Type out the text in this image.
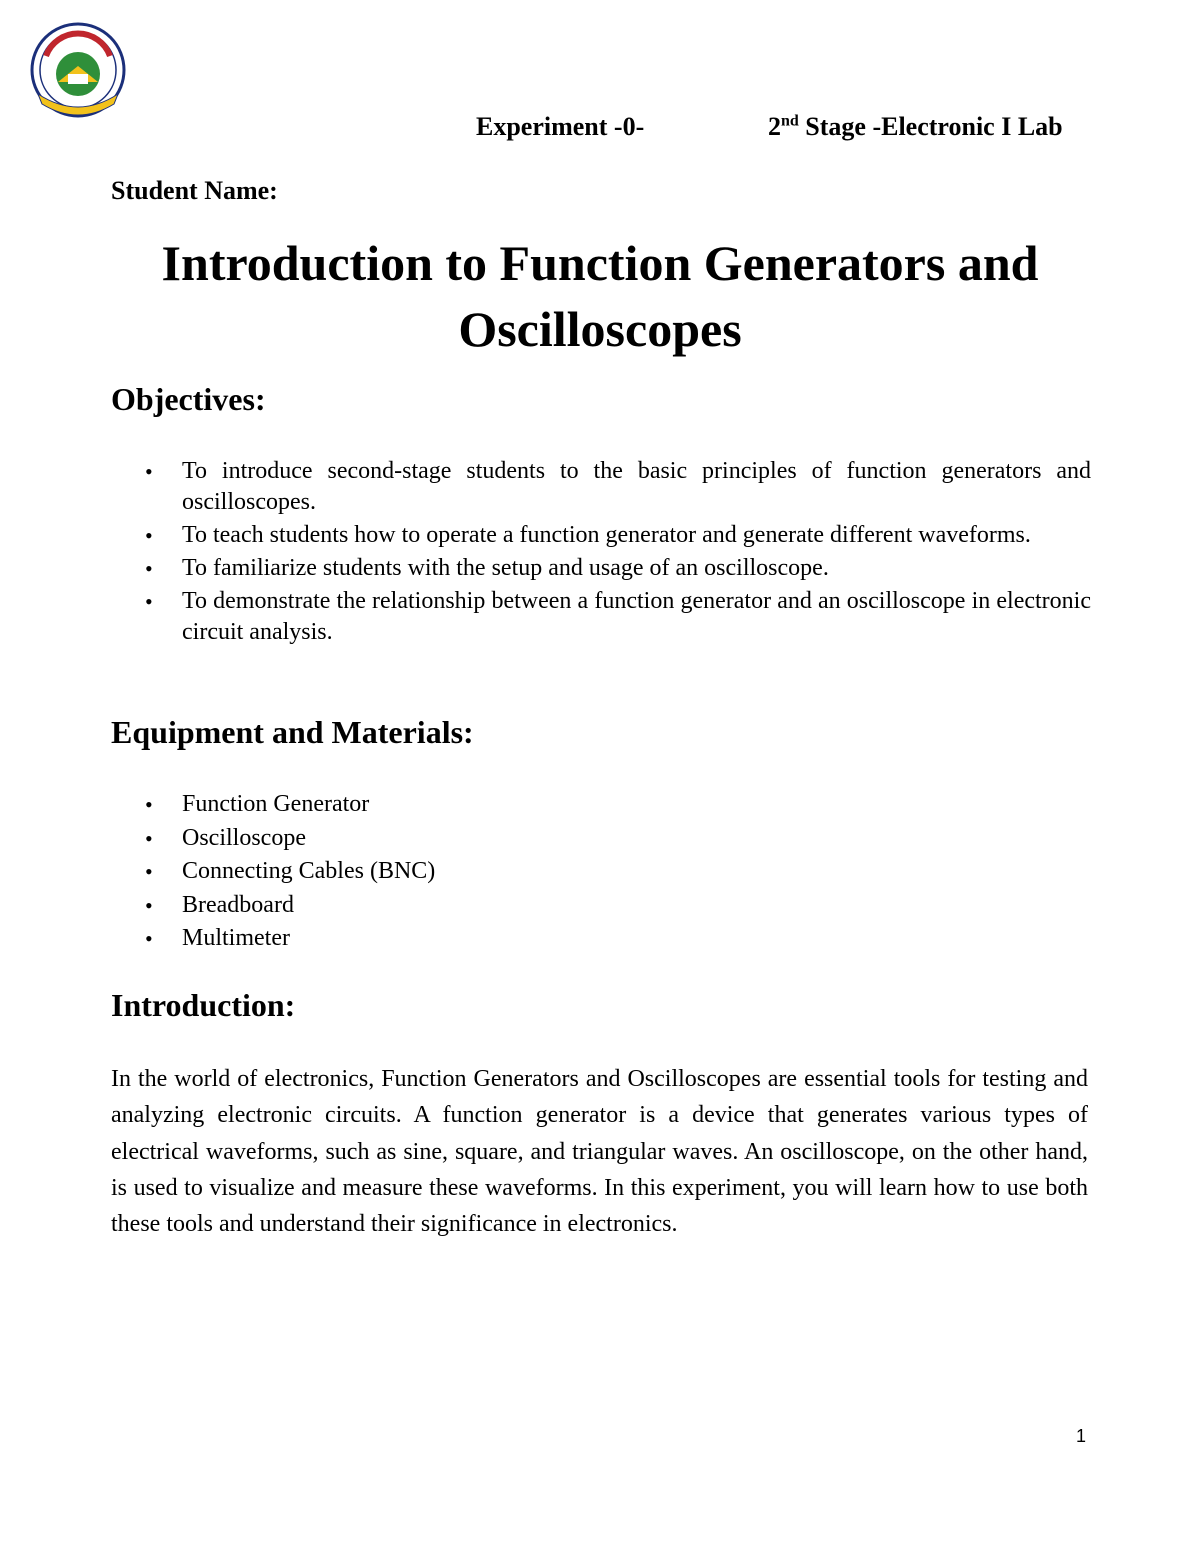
Experiment -0-	2nd Stage -Electronic I Lab
Student Name:
Introduction to Function Generators and
Oscilloscopes
Objectives:
• To introduce second-stage students to the basic principles of function generators and oscilloscopes.
• To teach students how to operate a function generator and generate different waveforms.
• To familiarize students with the setup and usage of an oscilloscope.
• To demonstrate the relationship between a function generator and an oscilloscope in electronic circuit analysis.
Equipment and Materials:
• Function Generator
• Oscilloscope
• Connecting Cables (BNC)
• Breadboard
• Multimeter
Introduction:

In the world of electronics, Function Generators and Oscilloscopes are essential tools for testing and analyzing electronic circuits. A function generator is a device that generates various types of electrical waveforms, such as sine, square, and triangular waves. An oscilloscope, on the other hand, is used to visualize and measure these waveforms. In this experiment, you will learn how to use both these tools and understand their significance in electronics.

1
